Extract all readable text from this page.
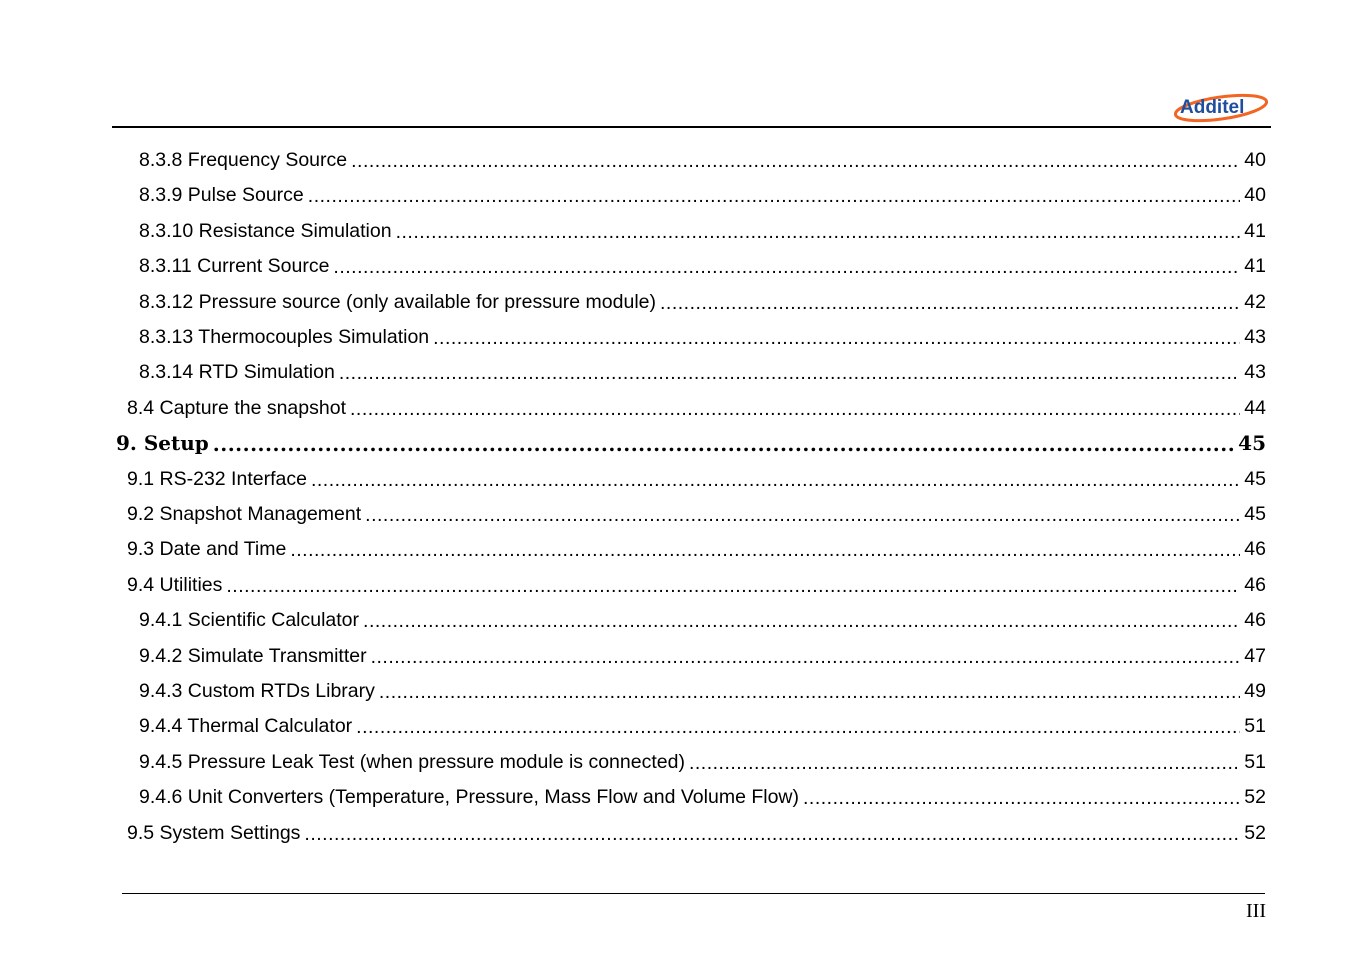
Additel
8.3.8 Frequency Source .....	40
8.3.9 Pulse Source .....	40
8.3.10 Resistance Simulation .....	41
8.3.11 Current Source .....	41
8.3.12 Pressure source (only available for pressure module) .....	42
8.3.13 Thermocouples Simulation .....	43
8.3.14 RTD Simulation .....	43
8.4 Capture the snapshot .....	44
9. Setup .....	45
9.1 RS-232 Interface .....	45
9.2 Snapshot Management .....	45
9.3 Date and Time .....	46
9.4 Utilities .....	46
9.4.1 Scientific Calculator .....	46
9.4.2 Simulate Transmitter .....	47
9.4.3 Custom RTDs Library .....	49
9.4.4 Thermal Calculator .....	51
9.4.5 Pressure Leak Test (when pressure module is connected) .....	51
9.4.6 Unit Converters (Temperature, Pressure, Mass Flow and Volume Flow) .....	52
9.5 System Settings .....	52
III
